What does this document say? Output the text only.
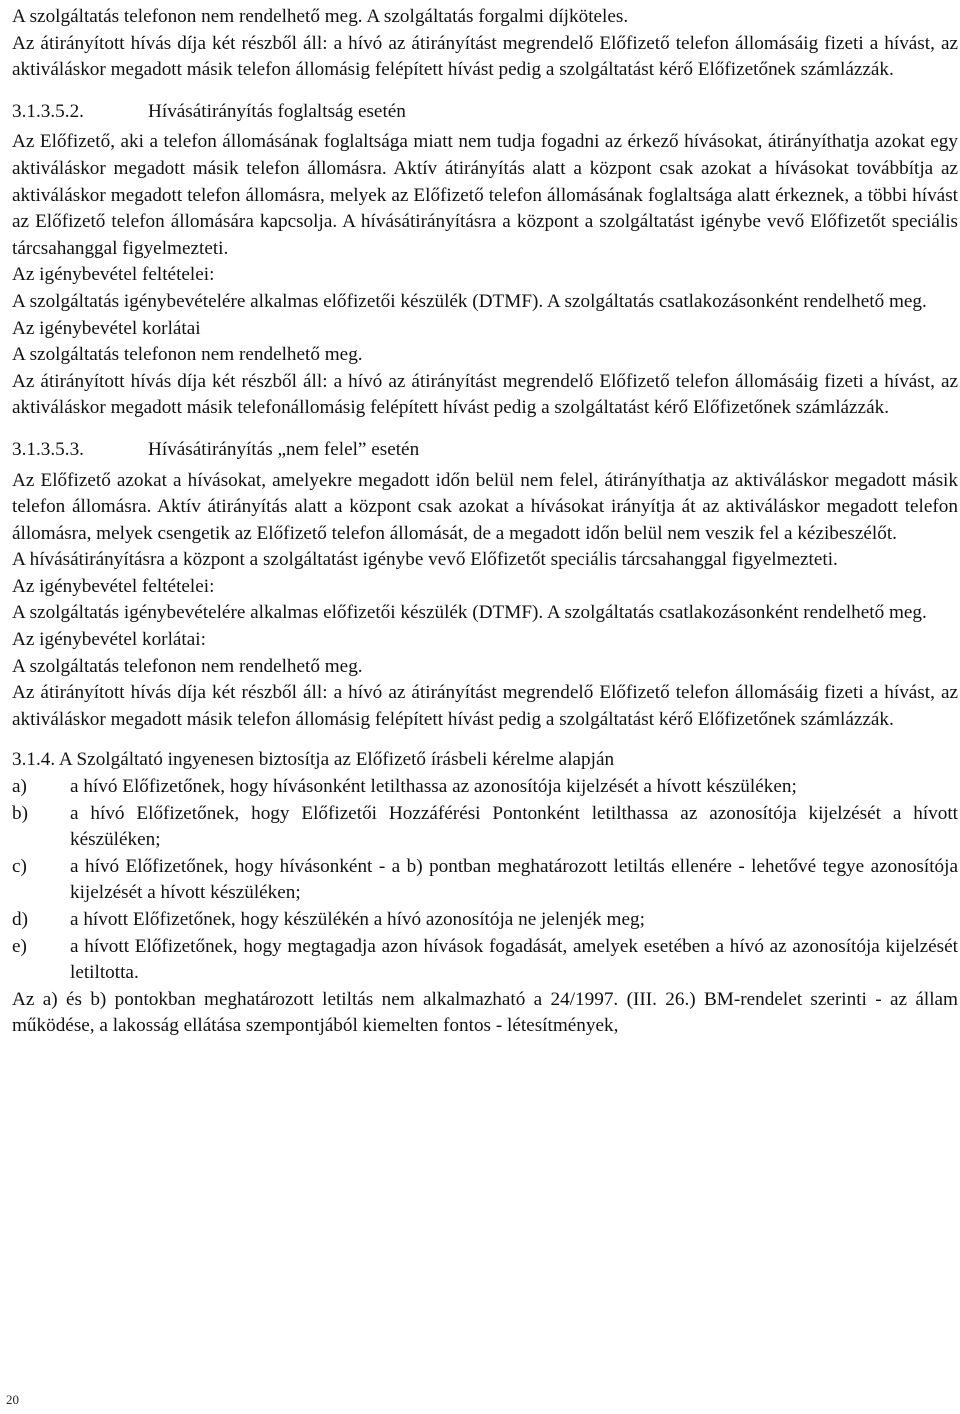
A szolgáltatás telefonon nem rendelhető meg. A szolgáltatás forgalmi díjköteles.

Az átirányított hívás díja két részből áll: a hívó az átirányítást megrendelő Előfizető telefon állomásáig fizeti a hívást, az aktiváláskor megadott másik telefon állomásig felépített hívást pedig a szolgáltatást kérő Előfizetőnek számlázzák.

3.1.3.5.2.	Hívásátirányítás foglaltság esetén

Az Előfizető, aki a telefon állomásának foglaltsága miatt nem tudja fogadni az érkező hívásokat, átirányíthatja azokat egy aktiváláskor megadott másik telefon állomásra. Aktív átirányítás alatt a központ csak azokat a hívásokat továbbítja az aktiváláskor megadott telefon állomásra, melyek az Előfizető telefon állomásának foglaltsága alatt érkeznek, a többi hívást az Előfizető telefon állomására kapcsolja. A hívásátirányításra a központ a szolgáltatást igénybe vevő Előfizetőt speciális tárcsahanggal figyelmezteti.

Az igénybevétel feltételei:

A szolgáltatás igénybevételére alkalmas előfizetői készülék (DTMF). A szolgáltatás csatlakozásonként rendelhető meg.

Az igénybevétel korlátai

A szolgáltatás telefonon nem rendelhető meg.

Az átirányított hívás díja két részből áll: a hívó az átirányítást megrendelő Előfizető telefon állomásáig fizeti a hívást, az aktiváláskor megadott másik telefonállomásig felépített hívást pedig a szolgáltatást kérő Előfizetőnek számlázzák.

3.1.3.5.3.	Hívásátirányítás „nem felel” esetén

Az Előfizető azokat a hívásokat, amelyekre megadott időn belül nem felel, átirányíthatja az aktiváláskor megadott másik telefon állomásra. Aktív átirányítás alatt a központ csak azokat a hívásokat irányítja át az aktiváláskor megadott telefon állomásra, melyek csengetik az Előfizető telefon állomását, de a megadott időn belül nem veszik fel a kézibeszélőt.

A hívásátirányításra a központ a szolgáltatást igénybe vevő Előfizetőt speciális tárcsahanggal figyelmezteti.

Az igénybevétel feltételei:

A szolgáltatás igénybevételére alkalmas előfizetői készülék (DTMF). A szolgáltatás csatlakozásonként rendelhető meg.

Az igénybevétel korlátai:

A szolgáltatás telefonon nem rendelhető meg.

Az átirányított hívás díja két részből áll: a hívó az átirányítást megrendelő Előfizető telefon állomásáig fizeti a hívást, az aktiváláskor megadott másik telefon állomásig felépített hívást pedig a szolgáltatást kérő Előfizetőnek számlázzák.

3.1.4. A Szolgáltató ingyenesen biztosítja az Előfizető írásbeli kérelme alapján

a)	a hívó Előfizetőnek, hogy hívásonként letilthassa az azonosítója kijelzését a hívott készüléken;
b)	a hívó Előfizetőnek, hogy Előfizetői Hozzáférési Pontonként letilthassa az azonosítója kijelzését a hívott készüléken;
c)	a hívó Előfizetőnek, hogy hívásonként - a b) pontban meghatározott letiltás ellenére - lehetővé tegye azonosítója kijelzését a hívott készüléken;
d)	a hívott Előfizetőnek, hogy készülékén a hívó azonosítója ne jelenjék meg;
e)	a hívott Előfizetőnek, hogy megtagadja azon hívások fogadását, amelyek esetében a hívó az azonosítója kijelzését letiltotta.

Az a) és b) pontokban meghatározott letiltás nem alkalmazható a 24/1997. (III. 26.) BM-rendelet szerinti - az állam működése, a lakosság ellátása szempontjából kiemelten fontos - létesítmények,

20
